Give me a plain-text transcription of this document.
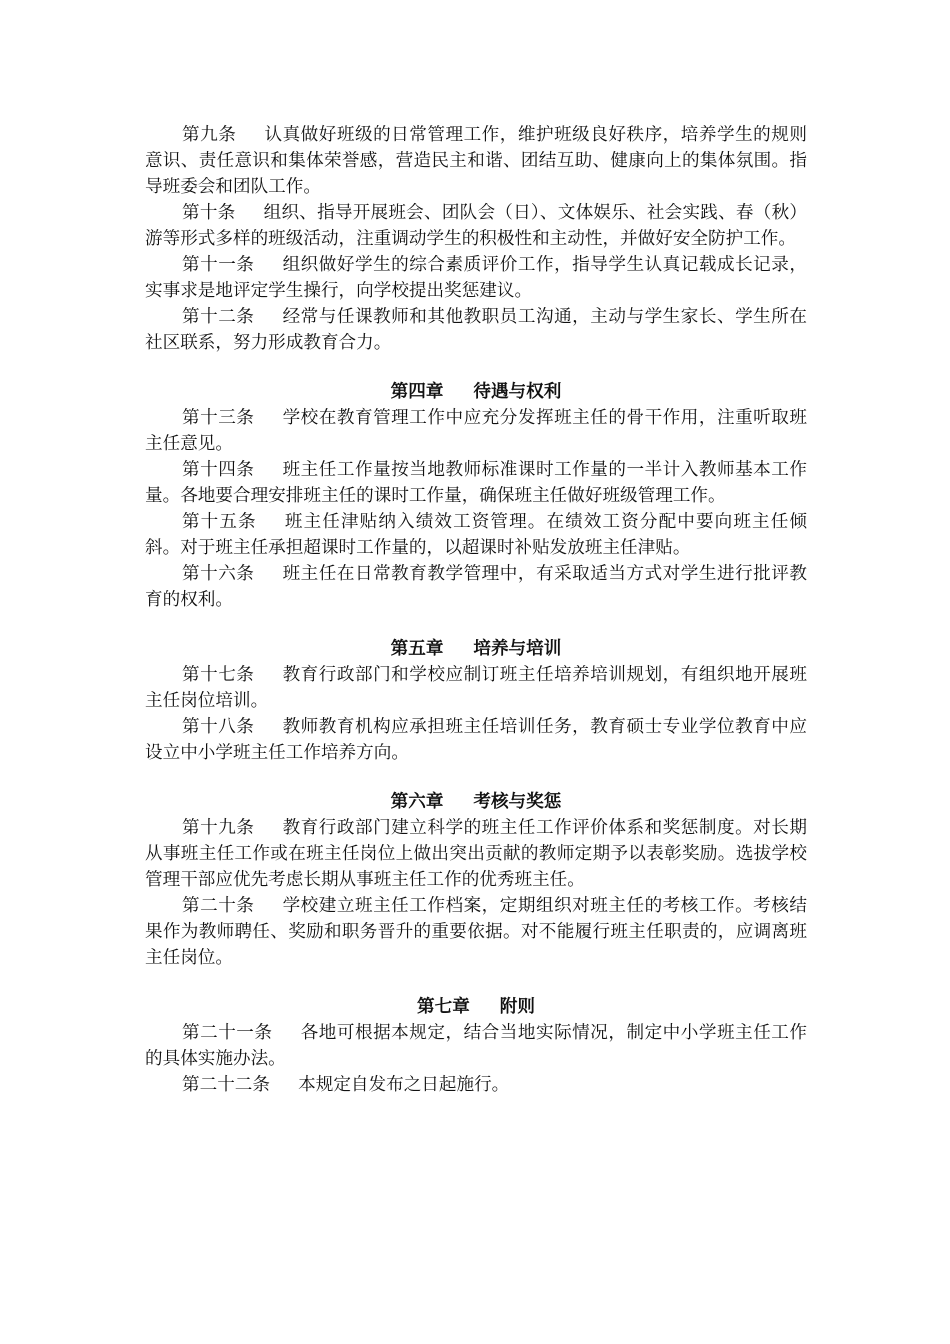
第九条 认真做好班级的日常管理工作，维护班级良好秩序，培养学生的规则意识、责任意识和集体荣誉感，营造民主和谐、团结互助、健康向上的集体氛围。指导班委会和团队工作。

第十条 组织、指导开展班会、团队会（日）、文体娱乐、社会实践、春（秋）游等形式多样的班级活动，注重调动学生的积极性和主动性，并做好安全防护工作。

第十一条 组织做好学生的综合素质评价工作，指导学生认真记载成长记录，实事求是地评定学生操行，向学校提出奖惩建议。

第十二条 经常与任课教师和其他教职员工沟通，主动与学生家长、学生所在社区联系，努力形成教育合力。

第四章 待遇与权利

第十三条 学校在教育管理工作中应充分发挥班主任的骨干作用，注重听取班主任意见。

第十四条 班主任工作量按当地教师标准课时工作量的一半计入教师基本工作量。各地要合理安排班主任的课时工作量，确保班主任做好班级管理工作。

第十五条 班主任津贴纳入绩效工资管理。在绩效工资分配中要向班主任倾斜。对于班主任承担超课时工作量的，以超课时补贴发放班主任津贴。

第十六条 班主任在日常教育教学管理中，有采取适当方式对学生进行批评教育的权利。

第五章 培养与培训

第十七条 教育行政部门和学校应制订班主任培养培训规划，有组织地开展班主任岗位培训。

第十八条 教师教育机构应承担班主任培训任务，教育硕士专业学位教育中应设立中小学班主任工作培养方向。

第六章 考核与奖惩

第十九条 教育行政部门建立科学的班主任工作评价体系和奖惩制度。对长期从事班主任工作或在班主任岗位上做出突出贡献的教师定期予以表彰奖励。选拔学校管理干部应优先考虑长期从事班主任工作的优秀班主任。

第二十条 学校建立班主任工作档案，定期组织对班主任的考核工作。考核结果作为教师聘任、奖励和职务晋升的重要依据。对不能履行班主任职责的，应调离班主任岗位。

第七章 附则

第二十一条 各地可根据本规定，结合当地实际情况，制定中小学班主任工作的具体实施办法。

第二十二条 本规定自发布之日起施行。
